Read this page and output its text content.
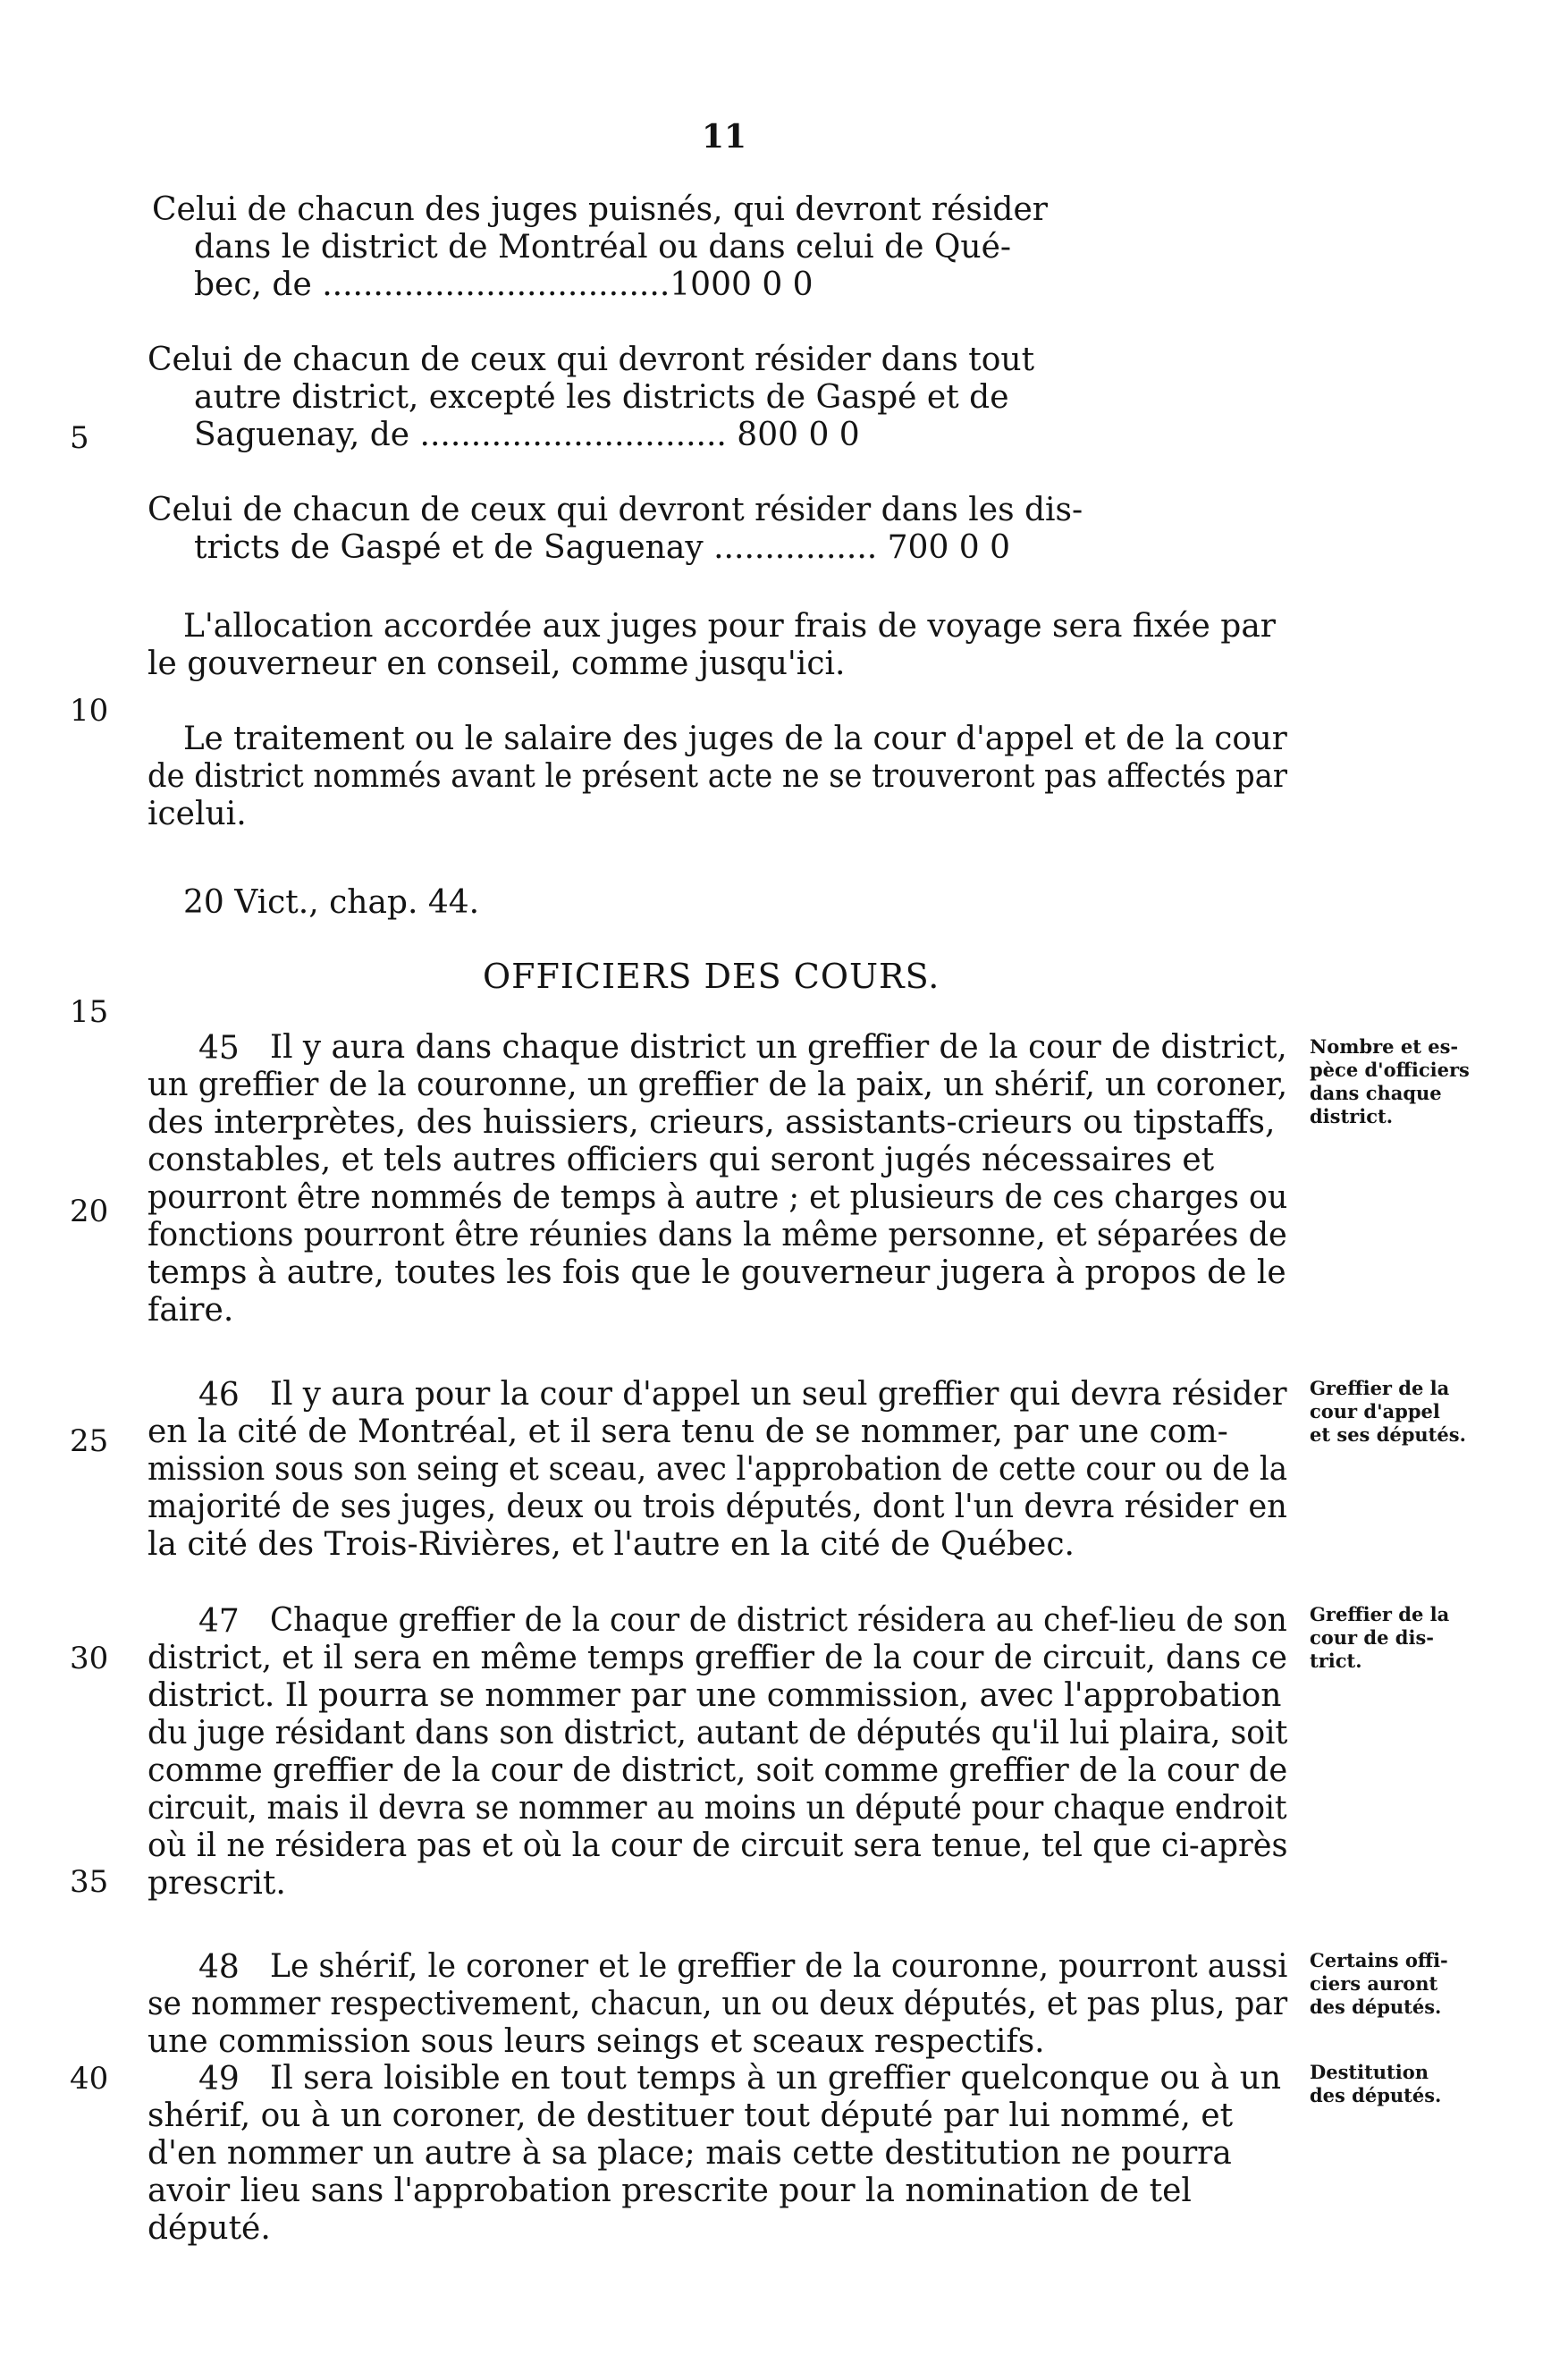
11
5
10
15
20
25
30
35
40
Celui de chacun des juges puisnés, qui devront résider
dans le district de Montréal ou dans celui de Qué-
bec, de ..................................1000 0 0
Celui de chacun de ceux qui devront résider dans tout
autre district, excepté les districts de Gaspé et de
Saguenay, de .............................. 800 0 0
Celui de chacun de ceux qui devront résider dans les dis-
tricts de Gaspé et de Saguenay ................ 700 0 0
L'allocation accordée aux juges pour frais de voyage sera fixée par
le gouverneur en conseil, comme jusqu'ici.
Le traitement ou le salaire des juges de la cour d'appel et de la cour
de district nommés avant le présent acte ne se trouveront pas affectés par
icelui.
20 Vict., chap. 44.
OFFICIERS DES COURS.
45 Il y aura dans chaque district un greffier de la cour de district,
un greffier de la couronne, un greffier de la paix, un shérif, un coroner,
des interprètes, des huissiers, crieurs, assistants-crieurs ou tipstaffs,
constables, et tels autres officiers qui seront jugés nécessaires et
pourront être nommés de temps à autre ; et plusieurs de ces charges ou
fonctions pourront être réunies dans la même personne, et séparées de
temps à autre, toutes les fois que le gouverneur jugera à propos de le
faire.
Nombre et es-
pèce d'officiers
dans chaque
district.
46 Il y aura pour la cour d'appel un seul greffier qui devra résider
en la cité de Montréal, et il sera tenu de se nommer, par une com-
mission sous son seing et sceau, avec l'approbation de cette cour ou de la
majorité de ses juges, deux ou trois députés, dont l'un devra résider en
la cité des Trois-Rivières, et l'autre en la cité de Québec.
Greffier de la
cour d'appel
et ses députés.
47 Chaque greffier de la cour de district résidera au chef-lieu de son
district, et il sera en même temps greffier de la cour de circuit, dans ce
district. Il pourra se nommer par une commission, avec l'approbation
du juge résidant dans son district, autant de députés qu'il lui plaira, soit
comme greffier de la cour de district, soit comme greffier de la cour de
circuit, mais il devra se nommer au moins un député pour chaque endroit
où il ne résidera pas et où la cour de circuit sera tenue, tel que ci-après
prescrit.
Greffier de la
cour de dis-
trict.
48 Le shérif, le coroner et le greffier de la couronne, pourront aussi
se nommer respectivement, chacun, un ou deux députés, et pas plus, par
une commission sous leurs seings et sceaux respectifs.
Certains offi-
ciers auront
des députés.
49 Il sera loisible en tout temps à un greffier quelconque ou à un
shérif, ou à un coroner, de destituer tout député par lui nommé, et
d'en nommer un autre à sa place; mais cette destitution ne pourra
avoir lieu sans l'approbation prescrite pour la nomination de tel
député.
Destitution
des députés.
